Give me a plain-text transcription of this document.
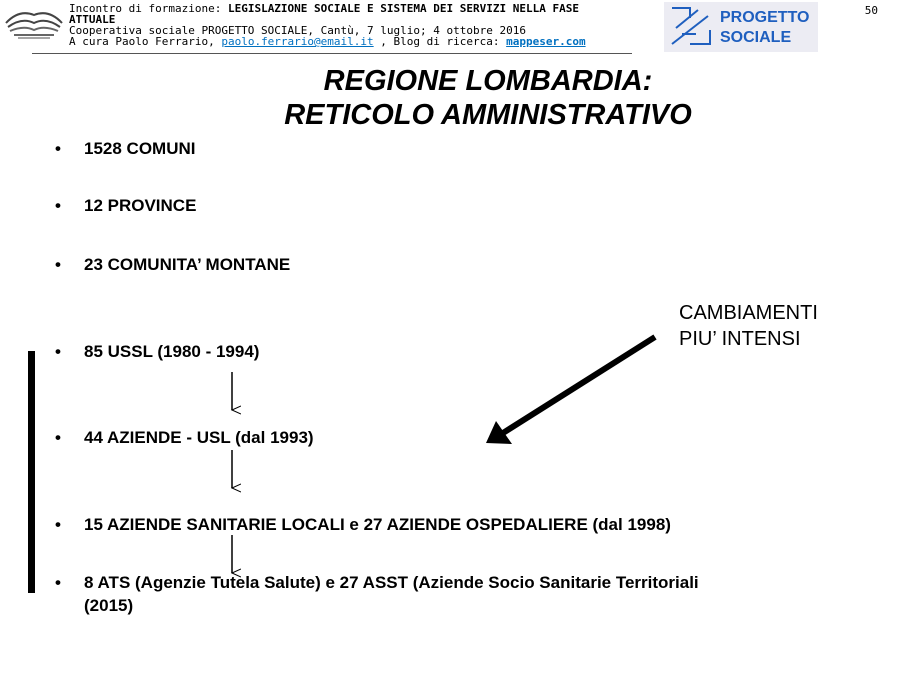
Incontro di formazione: LEGISLAZIONE SOCIALE E SISTEMA DEI SERVIZI NELLA FASE
ATTUALE
Cooperativa sociale PROGETTO SOCIALE, Cantù, 7 luglio; 4 ottobre 2016
A cura Paolo Ferrario, paolo.ferrario@email.it , Blog di ricerca: mappeser.com
PROGETTO
SOCIALE
50
REGIONE LOMBARDIA:
RETICOLO AMMINISTRATIVO
•	1528 COMUNI
•	12 PROVINCE
•	23 COMUNITA’ MONTANE
•	85 USSL (1980 - 1994)
•	44 AZIENDE - USL (dal 1993)
•	15 AZIENDE SANITARIE LOCALI e 27 AZIENDE OSPEDALIERE (dal 1998)
•	8 ATS (Agenzie Tutela Salute) e 27 ASST (Aziende Socio Sanitarie Territoriali
(2015)
CAMBIAMENTI
PIU’ INTENSI
